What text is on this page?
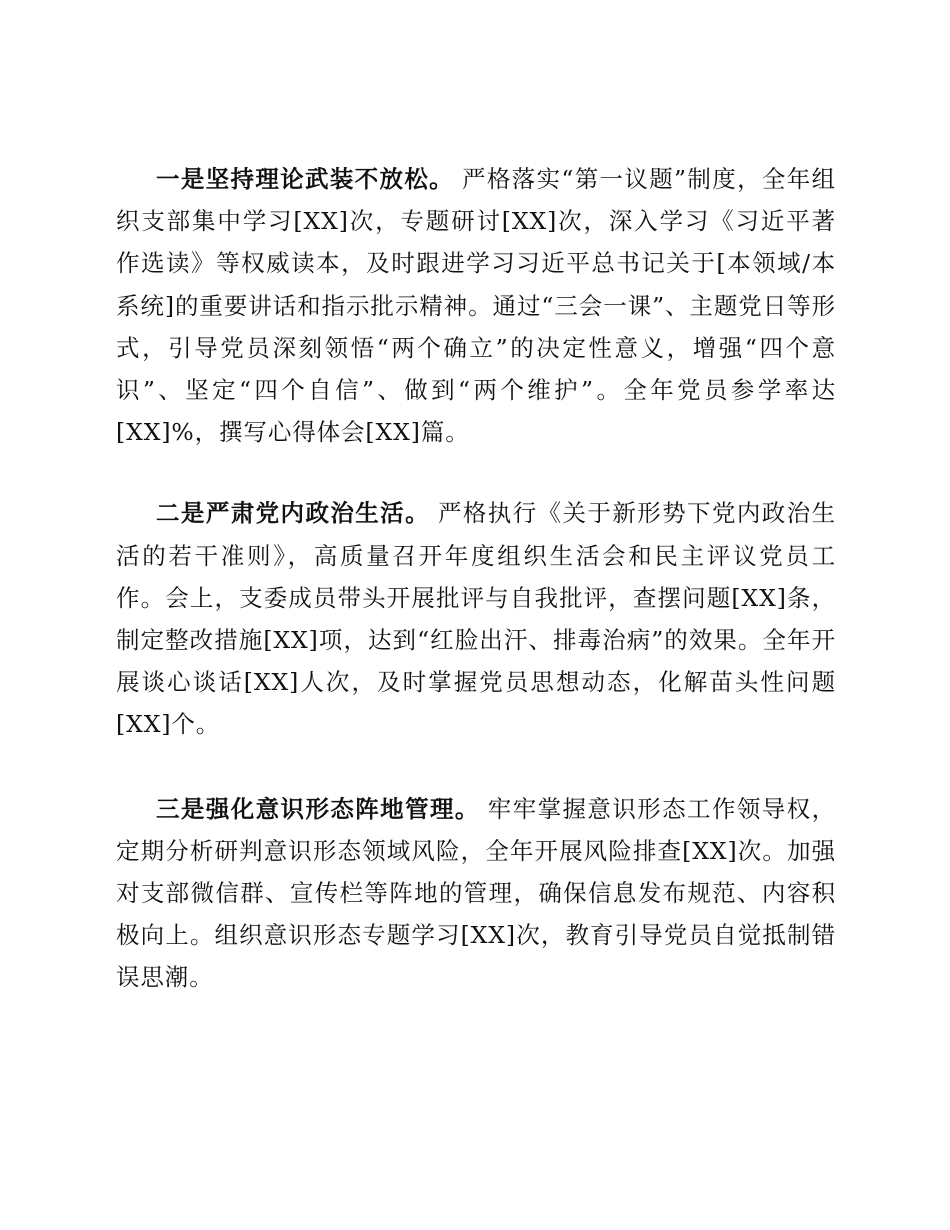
一是坚持理论武装不放松。 严格落实“第一议题”制度，全年组织支部集中学习[XX]次，专题研讨[XX]次，深入学习《习近平著作选读》等权威读本，及时跟进学习习近平总书记关于[本领域/本系统]的重要讲话和指示批示精神。通过“三会一课”、主题党日等形式，引导党员深刻领悟“两个确立”的决定性意义，增强“四个意识”、坚定“四个自信”、做到“两个维护”。全年党员参学率达[XX]%，撰写心得体会[XX]篇。

二是严肃党内政治生活。 严格执行《关于新形势下党内政治生活的若干准则》，高质量召开年度组织生活会和民主评议党员工作。会上，支委成员带头开展批评与自我批评，查摆问题[XX]条，制定整改措施[XX]项，达到“红脸出汗、排毒治病”的效果。全年开展谈心谈话[XX]人次，及时掌握党员思想动态，化解苗头性问题[XX]个。

三是强化意识形态阵地管理。 牢牢掌握意识形态工作领导权，定期分析研判意识形态领域风险，全年开展风险排查[XX]次。加强对支部微信群、宣传栏等阵地的管理，确保信息发布规范、内容积极向上。组织意识形态专题学习[XX]次，教育引导党员自觉抵制错误思潮。
